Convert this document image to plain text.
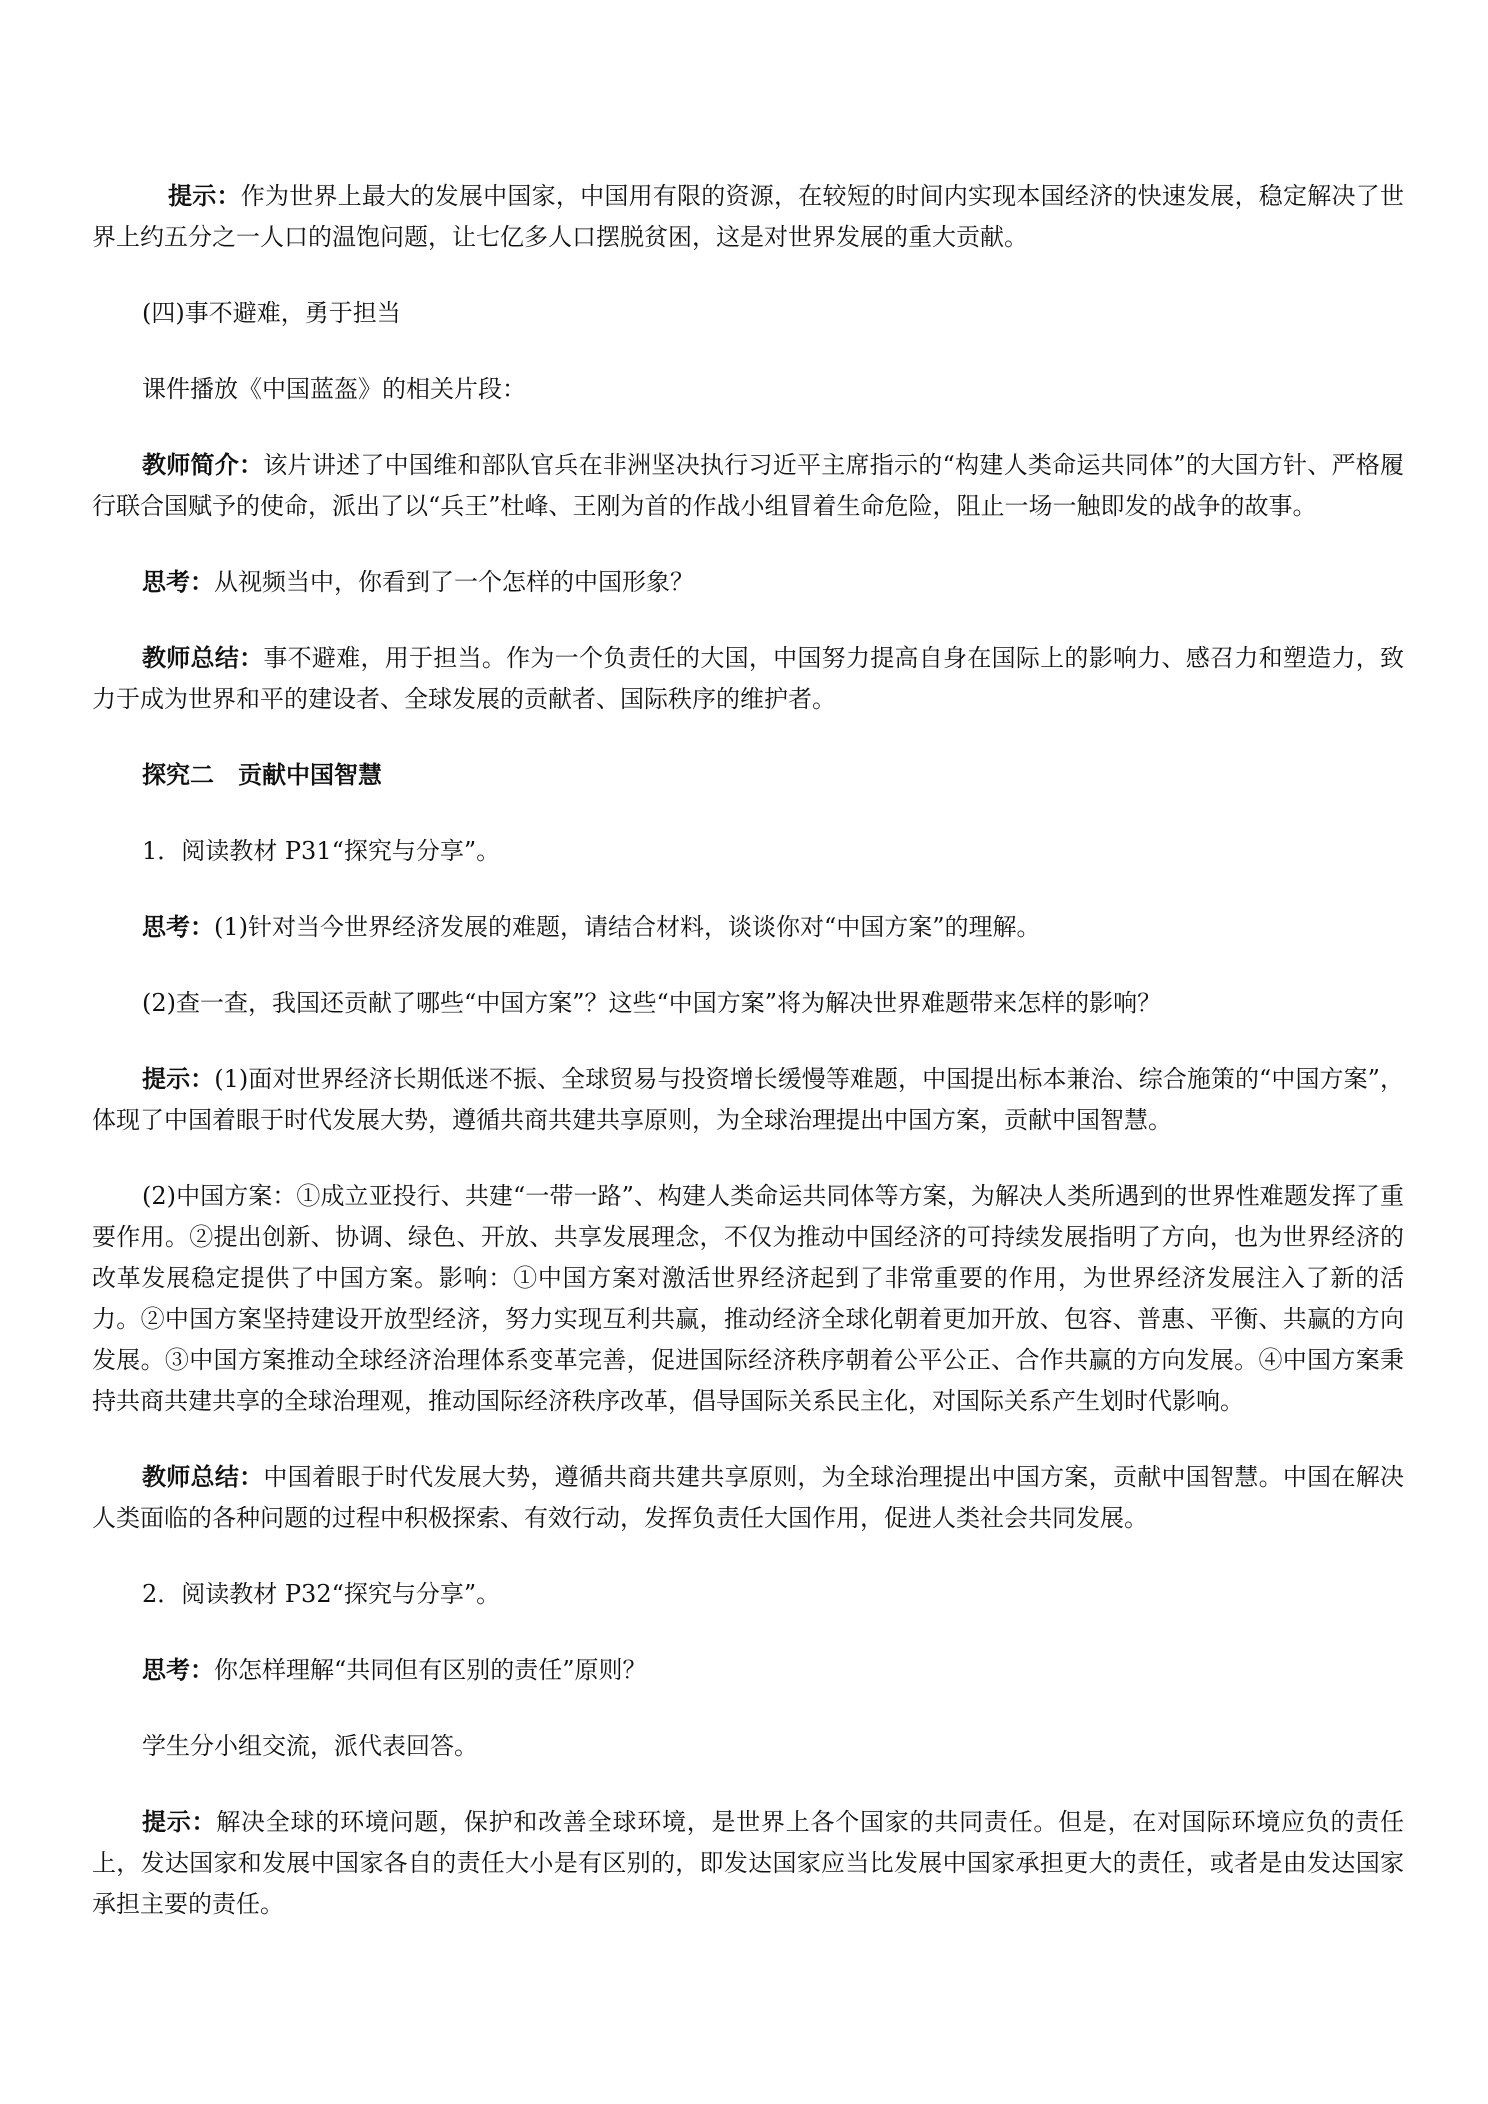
提示：作为世界上最大的发展中国家，中国用有限的资源，在较短的时间内实现本国经济的快速发展，稳定解决了世界上约五分之一人口的温饱问题，让七亿多人口摆脱贫困，这是对世界发展的重大贡献。

(四)事不避难，勇于担当

课件播放《中国蓝盔》的相关片段：

教师简介：该片讲述了中国维和部队官兵在非洲坚决执行习近平主席指示的“构建人类命运共同体”的大国方针、严格履行联合国赋予的使命，派出了以“兵王”杜峰、王刚为首的作战小组冒着生命危险，阻止一场一触即发的战争的故事。

思考：从视频当中，你看到了一个怎样的中国形象？

教师总结：事不避难，用于担当。作为一个负责任的大国，中国努力提高自身在国际上的影响力、感召力和塑造力，致力于成为世界和平的建设者、全球发展的贡献者、国际秩序的维护者。

探究二　贡献中国智慧

1．阅读教材 P31“探究与分享”。

思考：(1)针对当今世界经济发展的难题，请结合材料，谈谈你对“中国方案”的理解。

(2)查一查，我国还贡献了哪些“中国方案”？这些“中国方案”将为解决世界难题带来怎样的影响？

提示：(1)面对世界经济长期低迷不振、全球贸易与投资增长缓慢等难题，中国提出标本兼治、综合施策的“中国方案”，体现了中国着眼于时代发展大势，遵循共商共建共享原则，为全球治理提出中国方案，贡献中国智慧。

(2)中国方案：①成立亚投行、共建“一带一路”、构建人类命运共同体等方案，为解决人类所遇到的世界性难题发挥了重要作用。②提出创新、协调、绿色、开放、共享发展理念，不仅为推动中国经济的可持续发展指明了方向，也为世界经济的改革发展稳定提供了中国方案。影响：①中国方案对激活世界经济起到了非常重要的作用，为世界经济发展注入了新的活力。②中国方案坚持建设开放型经济，努力实现互利共赢，推动经济全球化朝着更加开放、包容、普惠、平衡、共赢的方向发展。③中国方案推动全球经济治理体系变革完善，促进国际经济秩序朝着公平公正、合作共赢的方向发展。④中国方案秉持共商共建共享的全球治理观，推动国际经济秩序改革，倡导国际关系民主化，对国际关系产生划时代影响。

教师总结：中国着眼于时代发展大势，遵循共商共建共享原则，为全球治理提出中国方案，贡献中国智慧。中国在解决人类面临的各种问题的过程中积极探索、有效行动，发挥负责任大国作用，促进人类社会共同发展。

2．阅读教材 P32“探究与分享”。

思考：你怎样理解“共同但有区别的责任”原则？

学生分小组交流，派代表回答。

提示：解决全球的环境问题，保护和改善全球环境，是世界上各个国家的共同责任。但是，在对国际环境应负的责任上，发达国家和发展中国家各自的责任大小是有区别的，即发达国家应当比发展中国家承担更大的责任，或者是由发达国家承担主要的责任。
